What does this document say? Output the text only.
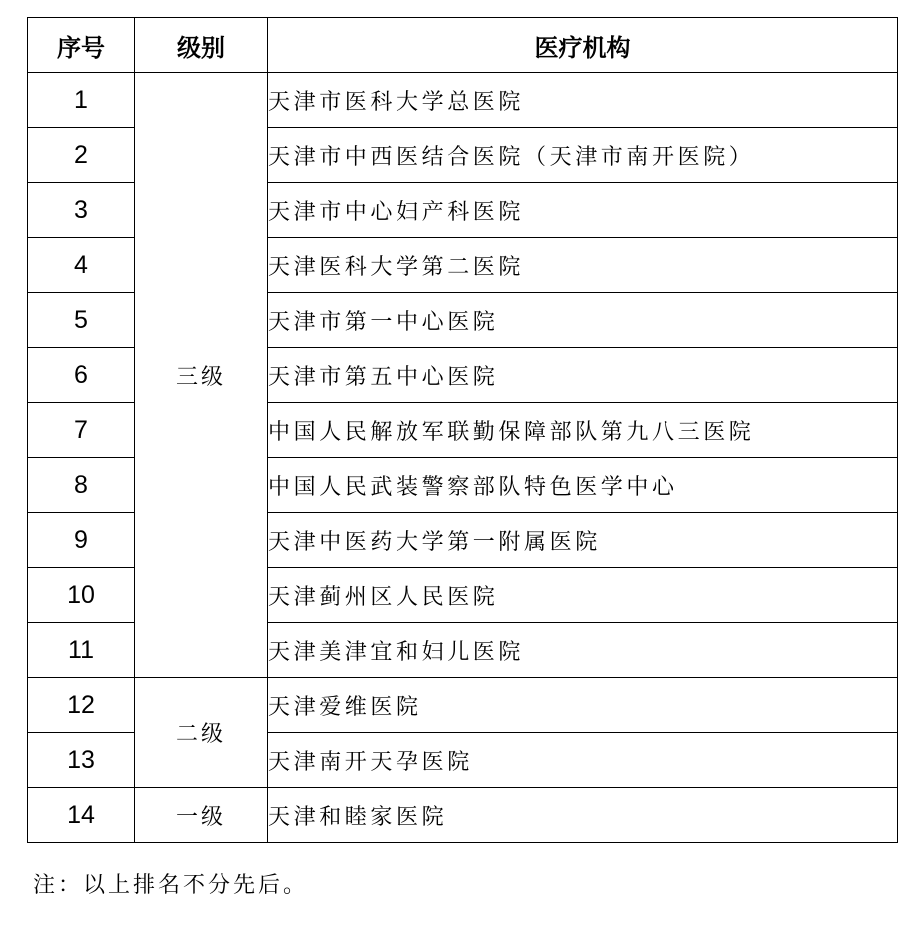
序号	级别	医疗机构
1	三级	天津市医科大学总医院
2		天津市中西医结合医院（天津市南开医院）
3		天津市中心妇产科医院
4		天津医科大学第二医院
5		天津市第一中心医院
6		天津市第五中心医院
7		中国人民解放军联勤保障部队第九八三医院
8		中国人民武装警察部队特色医学中心
9		天津中医药大学第一附属医院
10		天津蓟州区人民医院
11		天津美津宜和妇儿医院
12	二级	天津爱维医院
13		天津南开天孕医院
14	一级	天津和睦家医院
注：以上排名不分先后。
